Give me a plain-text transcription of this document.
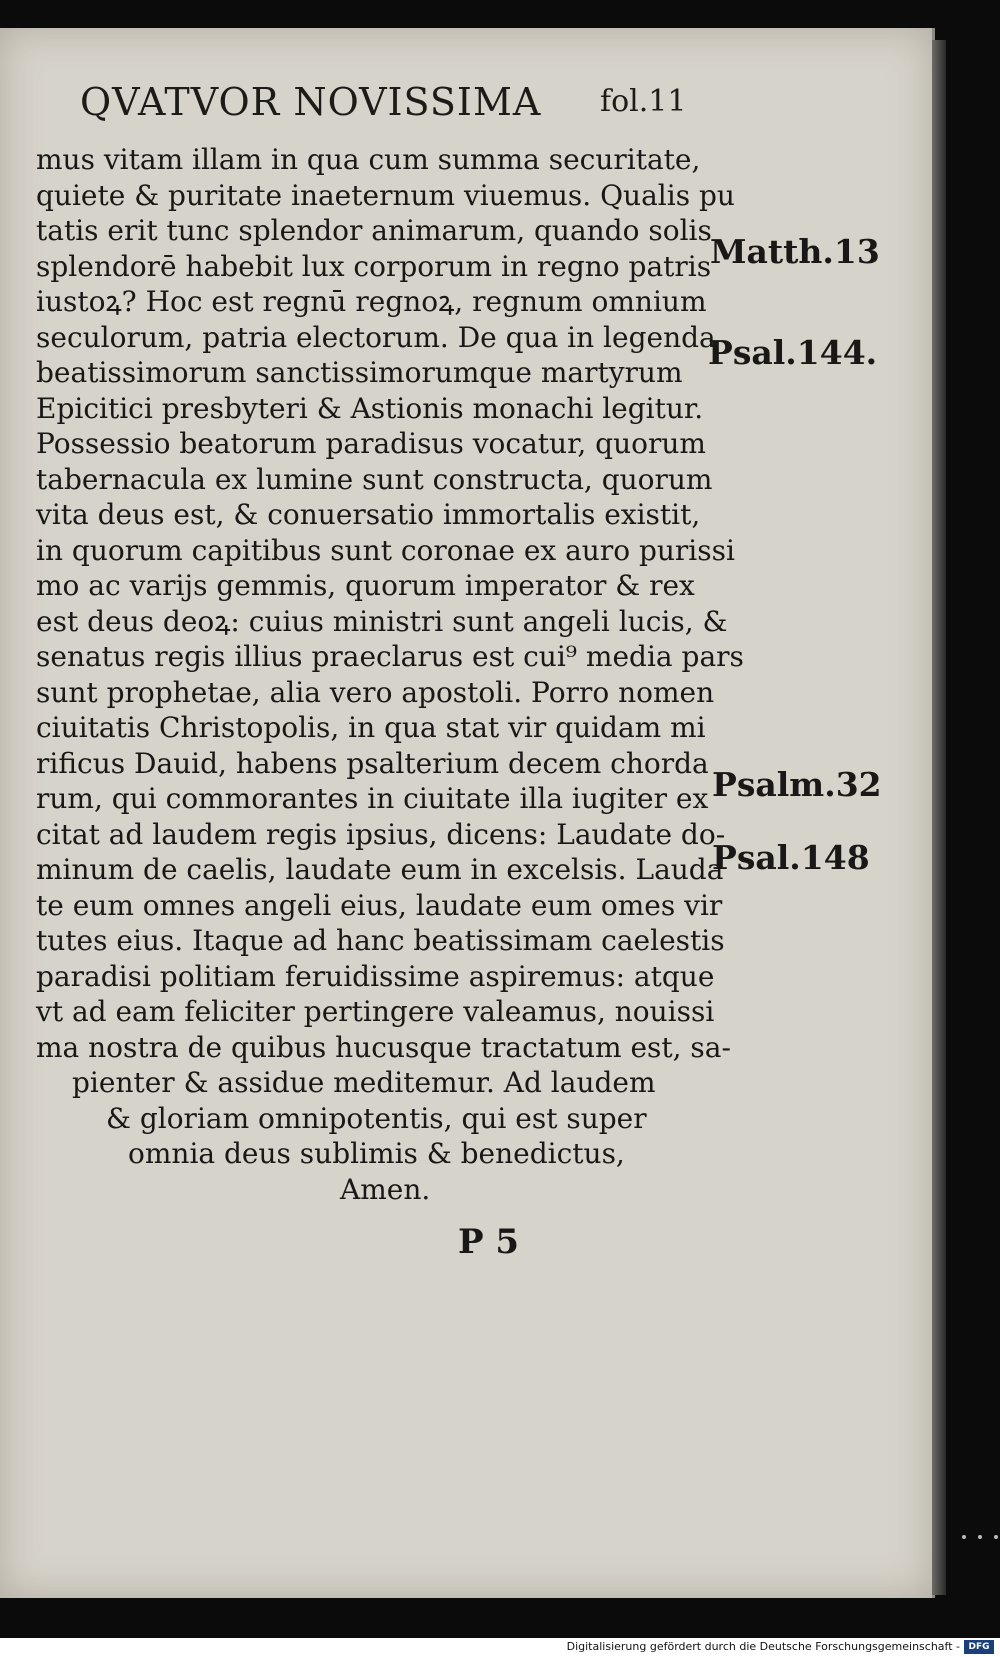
QVATVOR NOVISSIMA fol.11
mus vitam illam in qua cum summa securitate,
quiete & puritate inaeternum viuemus. Qualis pu
tatis erit tunc splendor animarum, quando solis
splendorē habebit lux corporum in regno patris
iustoꝝ? Hoc est regnū regnoꝝ, regnum omnium
seculorum, patria electorum. De qua in legenda
beatissimorum sanctissimorumque martyrum
Epicitici presbyteri & Astionis monachi legitur.
Possessio beatorum paradisus vocatur, quorum
tabernacula ex lumine sunt constructa, quorum
vita deus est, & conuersatio immortalis existit,
in quorum capitibus sunt coronae ex auro purissi
mo ac varijs gemmis, quorum imperator & rex
est deus deoꝝ: cuius ministri sunt angeli lucis, &
senatus regis illius praeclarus est cui⁹ media pars
sunt prophetae, alia vero apostoli. Porro nomen
ciuitatis Christopolis, in qua stat vir quidam mi
rificus Dauid, habens psalterium decem chorda
rum, qui commorantes in ciuitate illa iugiter ex
citat ad laudem regis ipsius, dicens: Laudate do-
minum de caelis, laudate eum in excelsis. Lauda
te eum omnes angeli eius, laudate eum omes vir
tutes eius. Itaque ad hanc beatissimam caelestis
paradisi politiam feruidissime aspiremus: atque
vt ad eam feliciter pertingere valeamus, nouissi
ma nostra de quibus hucusque tractatum est, sa-
pienter & assidue meditemur. Ad laudem
& gloriam omnipotentis, qui est super
omnia deus sublimis & benedictus,
Amen.
P 5
Matth.13
Psal.144.
Psalm.32
Psal.148
Digitalisierung gefördert durch die Deutsche Forschungsgemeinschaft - DFG
